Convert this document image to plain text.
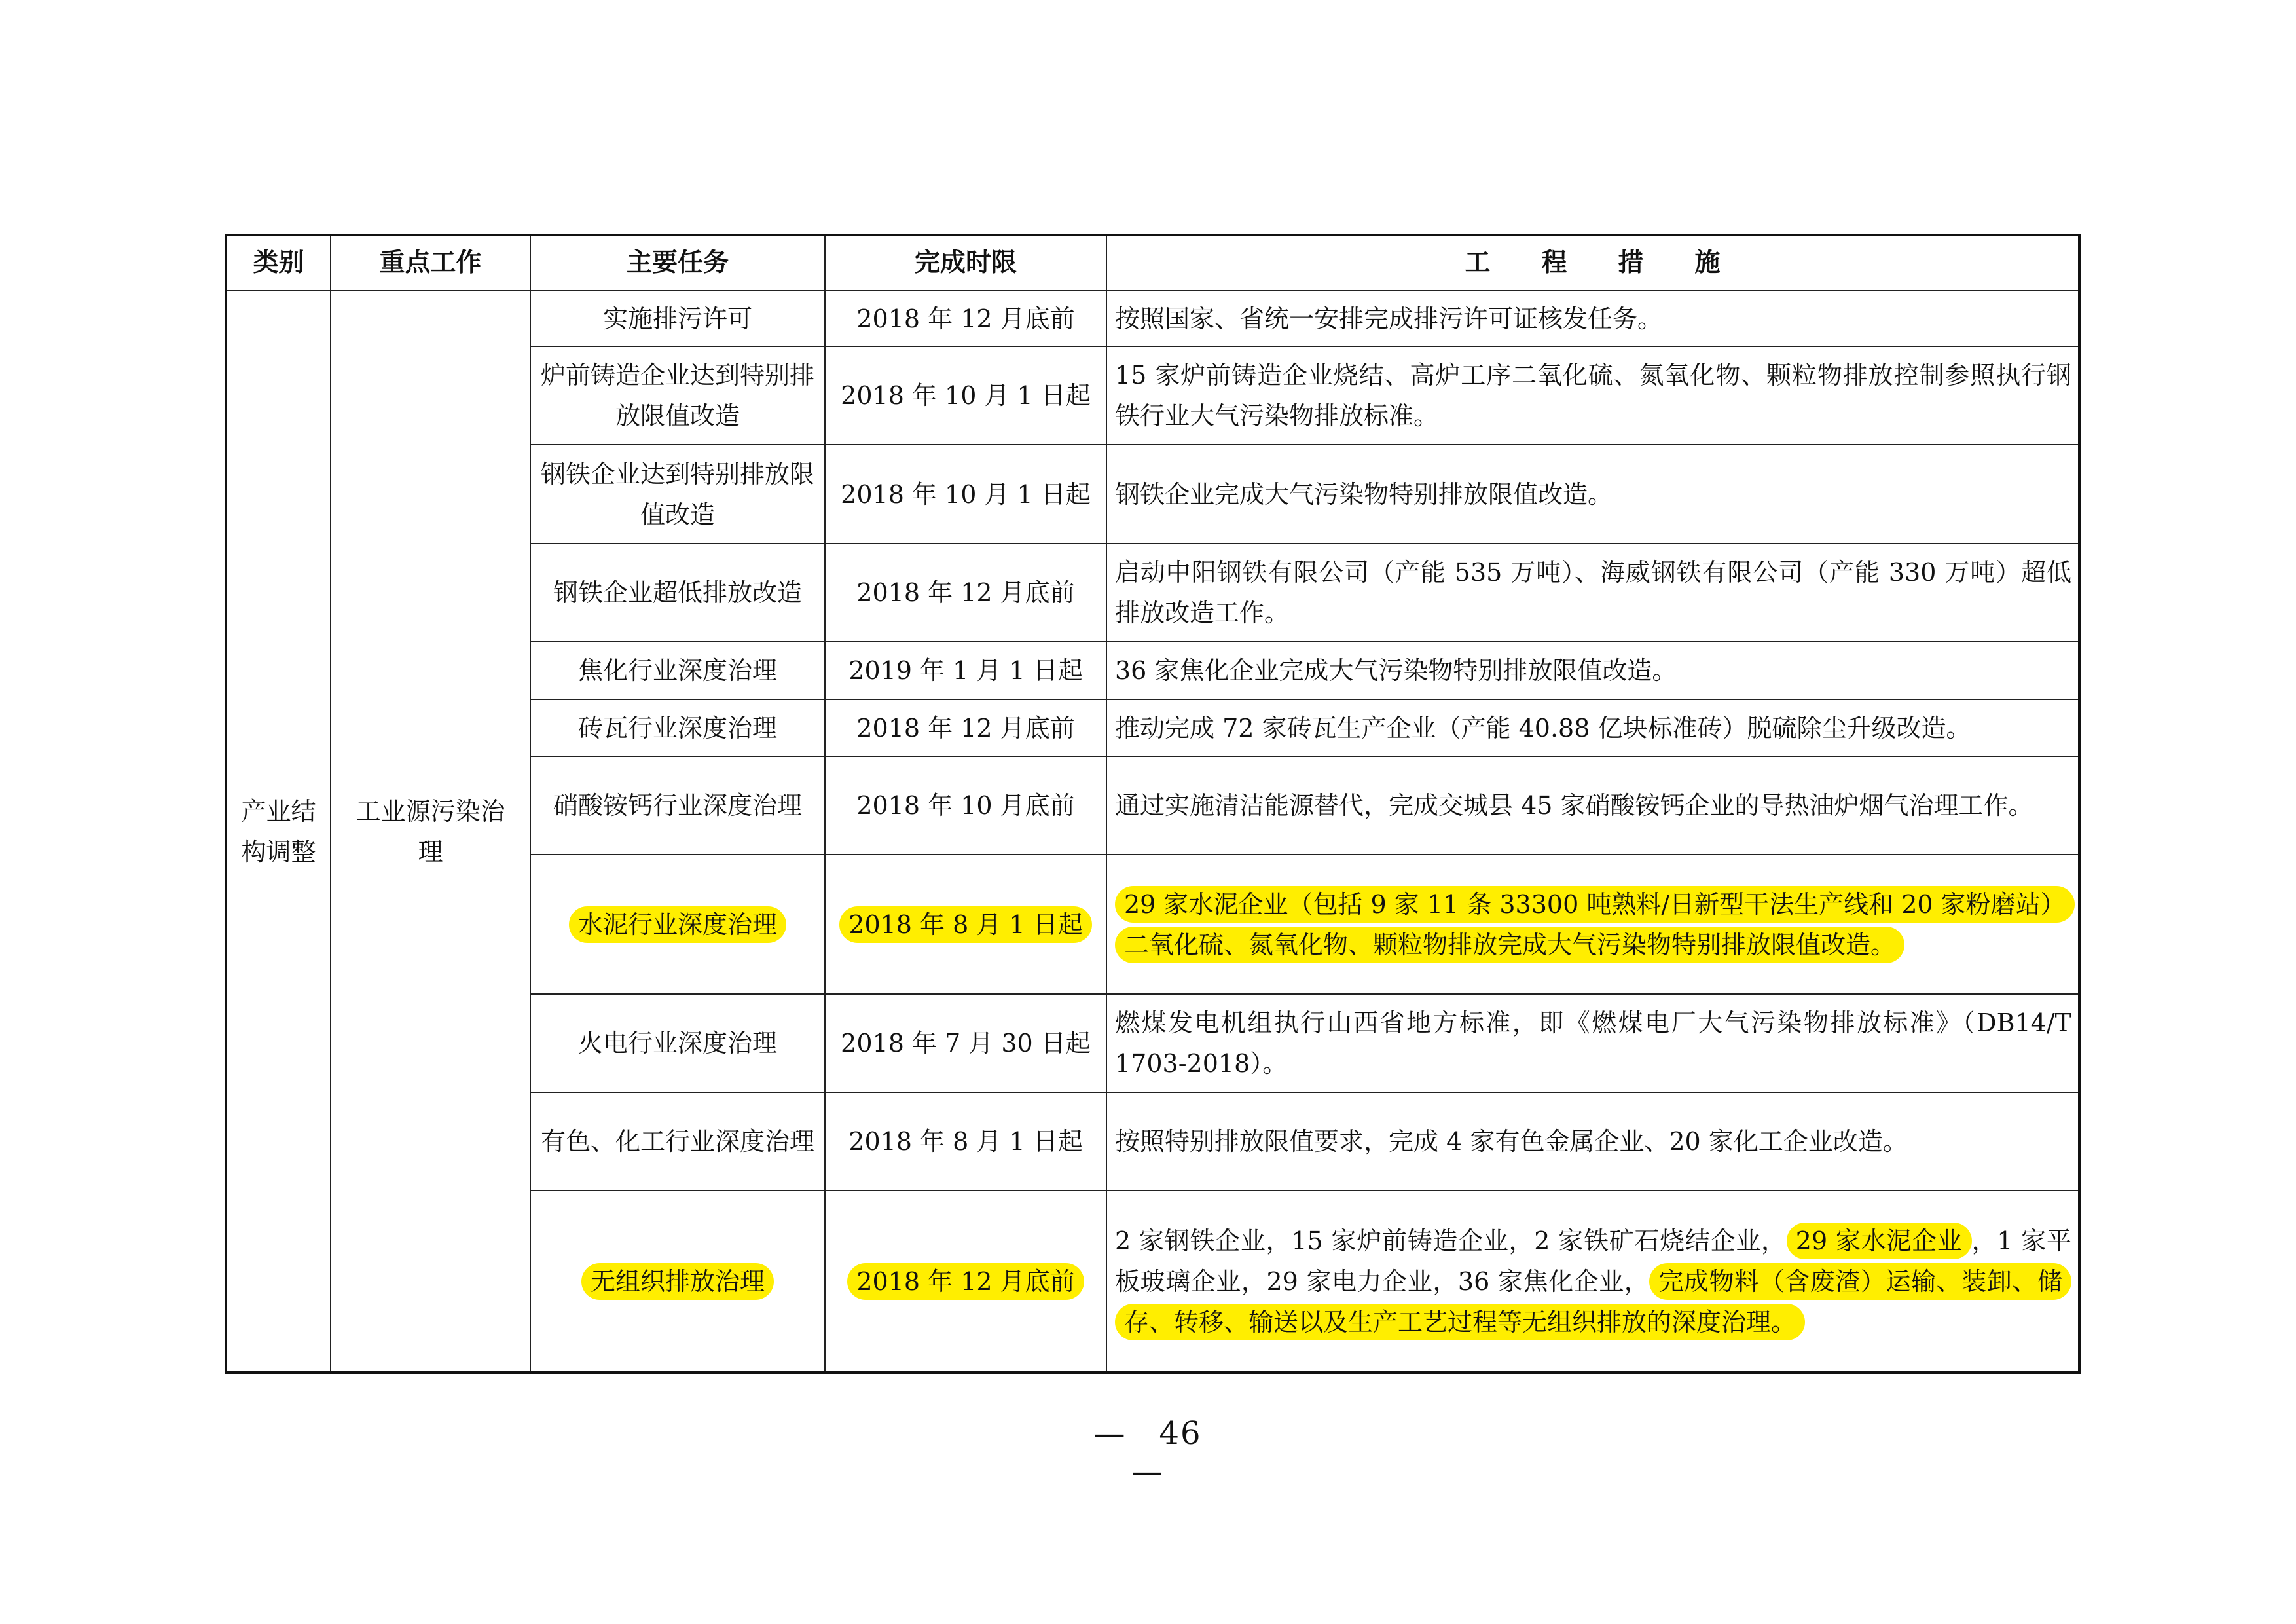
类别	重点工作	主要任务	完成时限	工　　程　　措　　施

产业结构调整	工业源污染治理	实施排污许可	2018 年 12 月底前	按照国家、省统一安排完成排污许可证核发任务。
		炉前铸造企业达到特别排放限值改造	2018 年 10 月 1 日起	15 家炉前铸造企业烧结、高炉工序二氧化硫、氮氧化物、颗粒物排放控制参照执行钢铁行业大气污染物排放标准。
		钢铁企业达到特别排放限值改造	2018 年 10 月 1 日起	钢铁企业完成大气污染物特别排放限值改造。
		钢铁企业超低排放改造	2018 年 12 月底前	启动中阳钢铁有限公司（产能 535 万吨）、海威钢铁有限公司（产能 330 万吨）超低排放改造工作。
		焦化行业深度治理	2019 年 1 月 1 日起	36 家焦化企业完成大气污染物特别排放限值改造。
		砖瓦行业深度治理	2018 年 12 月底前	推动完成 72 家砖瓦生产企业（产能 40.88 亿块标准砖）脱硫除尘升级改造。
		硝酸铵钙行业深度治理	2018 年 10 月底前	通过实施清洁能源替代，完成交城县 45 家硝酸铵钙企业的导热油炉烟气治理工作。
		水泥行业深度治理	2018 年 8 月 1 日起	29 家水泥企业（包括 9 家 11 条 33300 吨熟料/日新型干法生产线和 20 家粉磨站）二氧化硫、氮氧化物、颗粒物排放完成大气污染物特别排放限值改造。
		火电行业深度治理	2018 年 7 月 30 日起	燃煤发电机组执行山西省地方标准，即《燃煤电厂大气污染物排放标准》（DB14/T 1703-2018）。
		有色、化工行业深度治理	2018 年 8 月 1 日起	按照特别排放限值要求，完成 4 家有色金属企业、20 家化工企业改造。
		无组织排放治理	2018 年 12 月底前	2 家钢铁企业，15 家炉前铸造企业，2 家铁矿石烧结企业， 29 家水泥企业 ，1 家平板玻璃企业，29 家电力企业，36 家焦化企业， 完成物料（含废渣）运输、装卸、储存、转移、输送以及生产工艺过程等无组织排放的深度治理。
—　46　—
